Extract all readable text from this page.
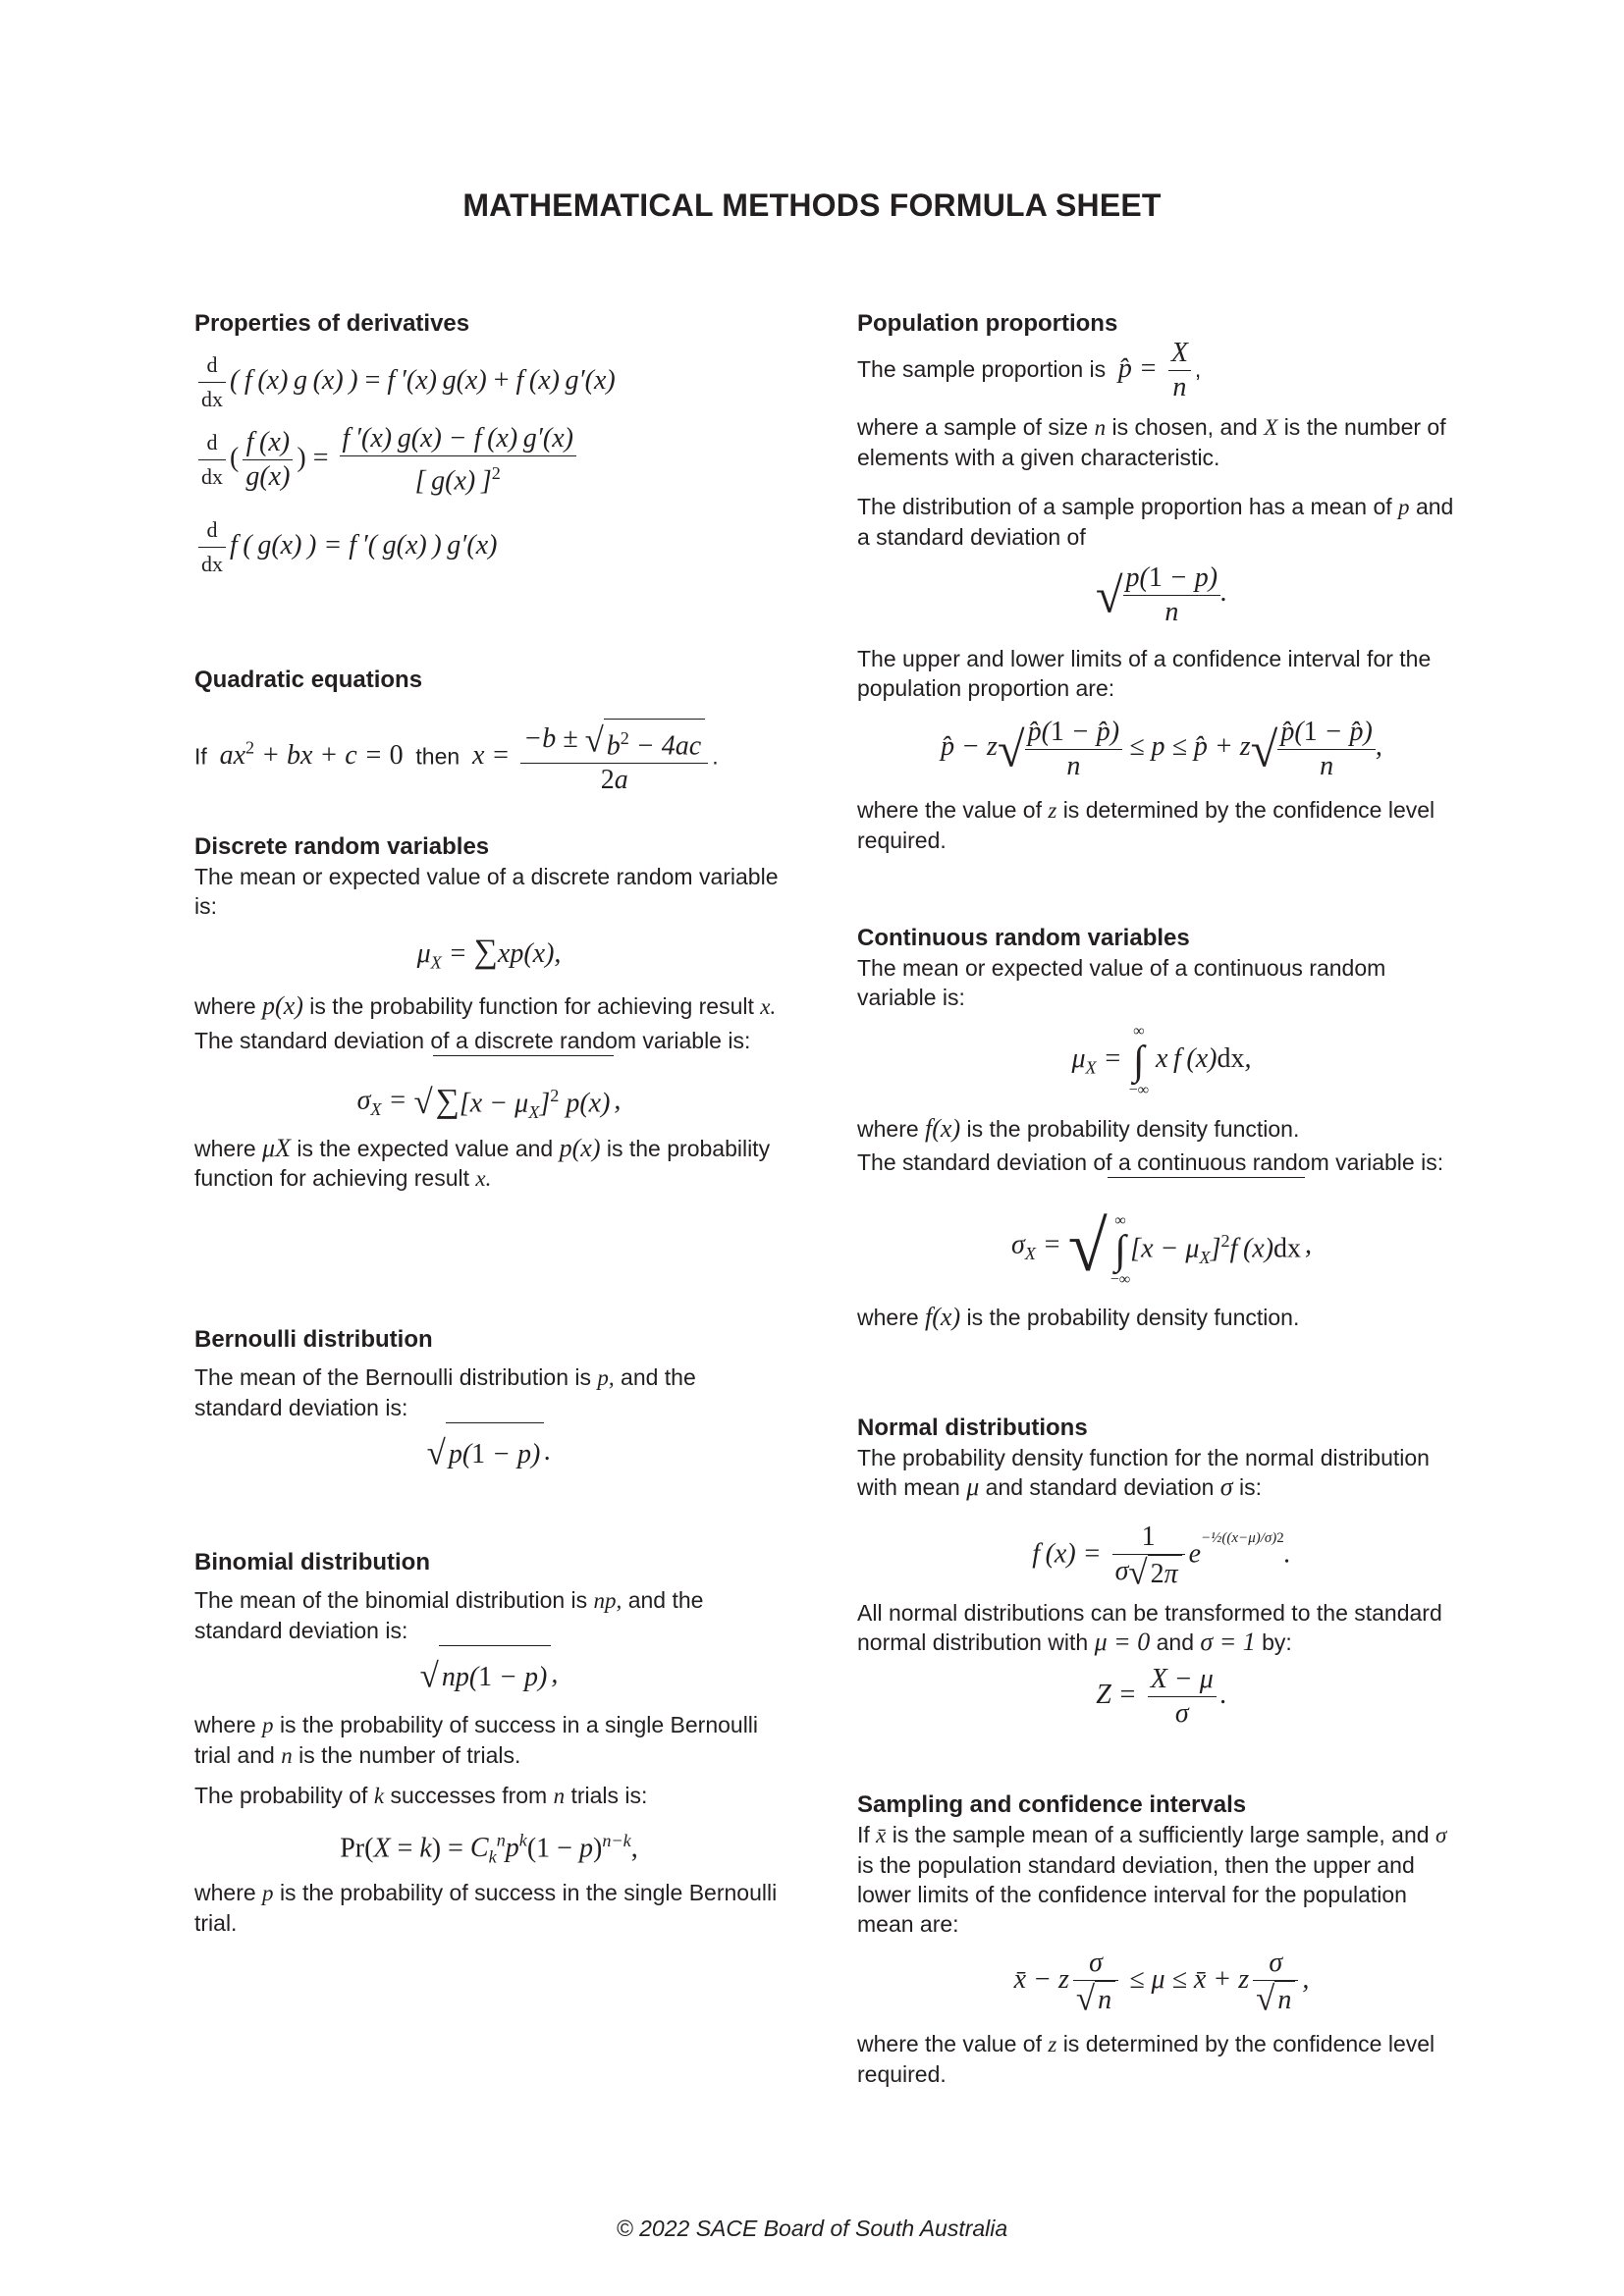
MATHEMATICAL METHODS FORMULA SHEET
Properties of derivatives
$\frac{d}{dx}$ ( f (x) g (x) ) = f ′(x) g(x) + f (x) g′(x)
$\frac{d}{dx}$ ( $\frac{f (x)}{g(x)}$ ) = $\frac{f '(x) g(x) - f (x) g'(x)}{[ g(x) ]^2}$
$\frac{d}{dx}$ f ( g(x) ) = f ′( g(x) ) g′(x)
Quadratic equations
If $ax^2$ + bx + c = 0 then $x = \frac{-b \pm √ b^2 - 4ac}{2a}$ .
Discrete random variables

The mean or expected value of a discrete random variable is:

$\mu_X = \sum xp(x)$,

where p(x) is the probability function for achieving result x.

The standard deviation of a discrete random variable is:

$\sigma_X = √\sum[x - \mu_X]^2$ p(x) ,

where μX is the expected value and p(x) is the probability function for achieving result x.

Bernoulli distribution

The mean of the Bernoulli distribution is p, and the standard deviation is:

√ p(1 − p) .
Binomial distribution

The mean of the binomial distribution is np, and the standard deviation is:

√ np(1 − p) ,

where p is the probability of success in a single Bernoulli trial and n is the number of trials.

The probability of k successes from n trials is:

$Pr(X = k) = C_k^np^k(1 - p)^{n-k}$,

where p is the probability of success in the single Bernoulli trial.

Population proportions

The sample proportion is p̂ = $\frac{X}{n}$ ,

where a sample of size n is chosen, and X is the number of elements with a given characteristic.

The distribution of a sample proportion has a mean of p and a standard deviation of

√ $\frac{p(1 - p)}{n}$ .

The upper and lower limits of a confidence interval for the population proportion are:

p̂ − $z√ \frac{p̂(1 - p̂)}{n} \le p$ ≤ p̂ + $z√ \frac{p̂(1 - p̂)}{n}$ ,

where the value of z is determined by the confidence level required.

Continuous random variables

The mean or expected value of a continuous random variable is:

$\mu_X$ =
∞
∫
−∞
x f (x)dx,

where f(x) is the probability density function.

The standard deviation of a continuous random variable is:

$\sigma_X$ = √ ∞
∫
−∞
$[x - \mu_X]^2f$ (x)dx ,

where f(x) is the probability density function.

Normal distributions

The probability density function for the normal distribution with mean μ and standard deviation σ is:

f $(x) = \frac{1}{\sigma√ 2\pi} e^{-\frac{1}{2}((x-\mu)/\sigma)2}$.

All normal distributions can be transformed to the standard normal distribution with μ = 0 and σ = 1 by:

$Z = \frac{X - \mu}{\sigma}$ .
Sampling and confidence intervals

If x̄ is the sample mean of a sufficiently large sample, and σ is the population standard deviation, then the upper and lower limits of the confidence interval for the population mean are:

x̄ − z $\frac{\sigma}{√ n} \le \mu$ ≤ x̄ + z $\frac{\sigma}{√ n}$ ,

where the value of z is determined by the confidence level required.

© 2022 SACE Board of South Australia
